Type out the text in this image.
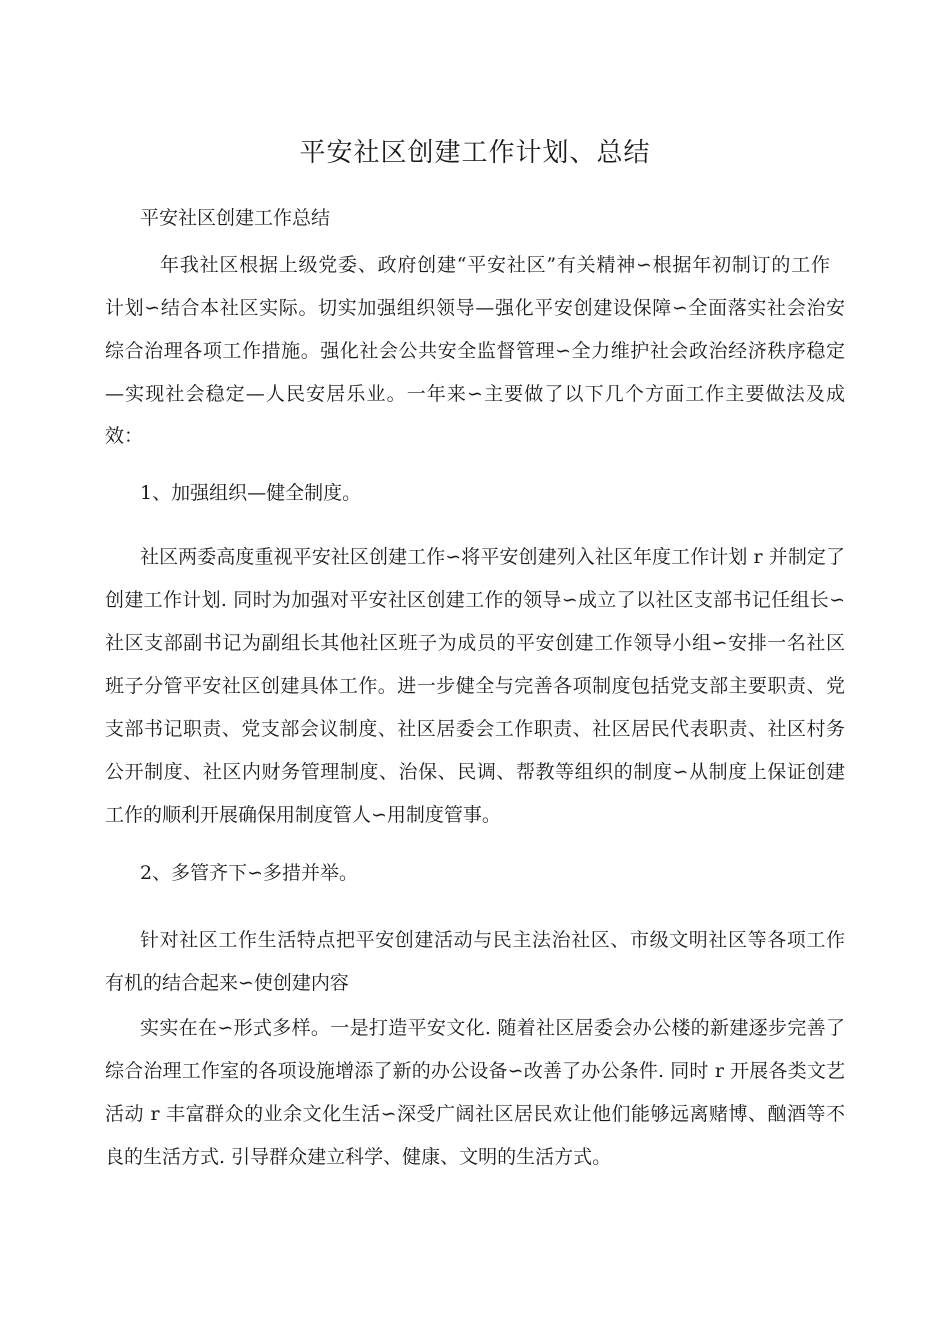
平安社区创建工作计划、总结
平安社区创建工作总结
年我社区根据上级党委、政府创建“平安社区”有关精神∽根据年初制订的工作
计划∽结合本社区实际。切实加强组织领导—强化平安创建设保障∽全面落实社会治安
综合治理各项工作措施。强化社会公共安全监督管理∽全力维护社会政治经济秩序稳定
—实现社会稳定—人民安居乐业。一年来∽主要做了以下几个方面工作主要做法及成
效：
1、加强组织—健全制度。
社区两委高度重视平安社区创建工作∽将平安创建列入社区年度工作计划 r 并制定了
创建工作计划. 同时为加强对平安社区创建工作的领导∽成立了以社区支部书记任组长∽
社区支部副书记为副组长其他社区班子为成员的平安创建工作领导小组∽安排一名社区
班子分管平安社区创建具体工作。进一步健全与完善各项制度包括党支部主要职责、党
支部书记职责、党支部会议制度、社区居委会工作职责、社区居民代表职责、社区村务
公开制度、社区内财务管理制度、治保、民调、帮教等组织的制度∽从制度上保证创建
工作的顺利开展确保用制度管人∽用制度管事。
2、多管齐下∽多措并举。
针对社区工作生活特点把平安创建活动与民主法治社区、市级文明社区等各项工作
有机的结合起来∽使创建内容
实实在在∽形式多样。一是打造平安文化. 随着社区居委会办公楼的新建逐步完善了
综合治理工作室的各项设施增添了新的办公设备∽改善了办公条件. 同时 r 开展各类文艺
活动 r 丰富群众的业余文化生活∽深受广阔社区居民欢让他们能够远离赌博、酗酒等不
良的生活方式. 引导群众建立科学、健康、文明的生活方式。
